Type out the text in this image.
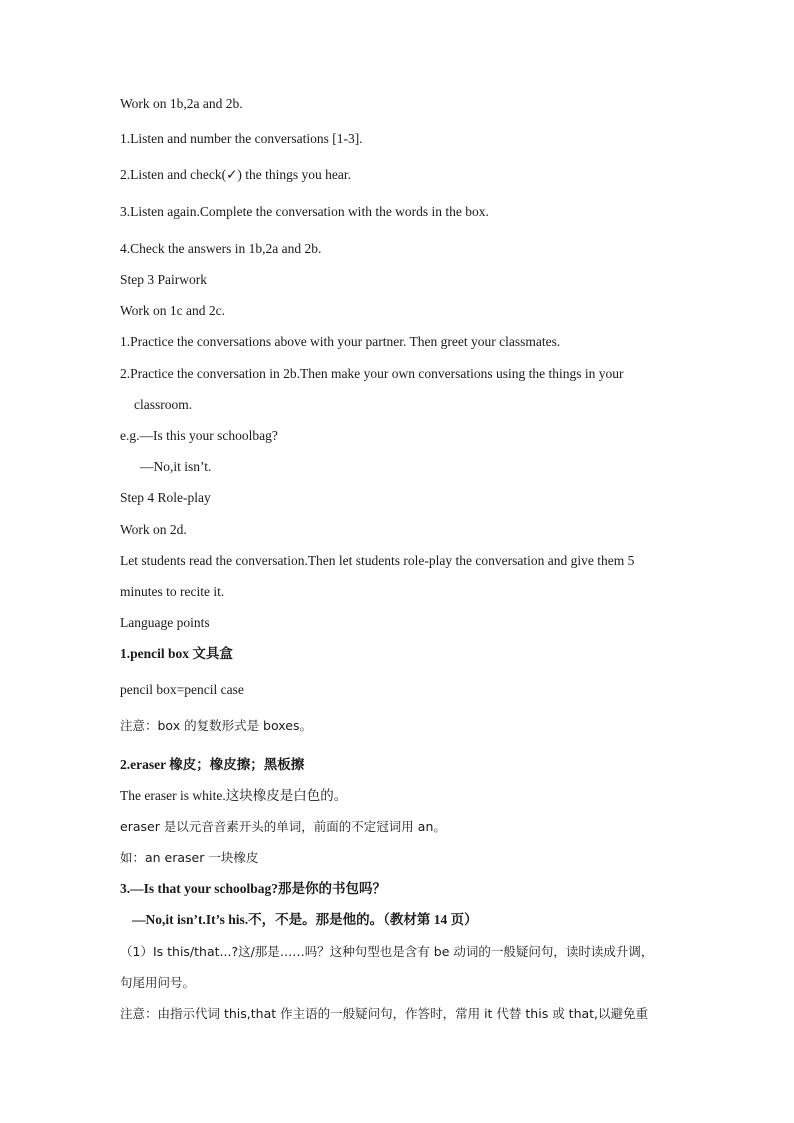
Work on 1b,2a and 2b.
1.Listen and number the conversations [1-3].
2.Listen and check(✓) the things you hear.
3.Listen again.Complete the conversation with the words in the box.
4.Check the answers in 1b,2a and 2b.
Step 3 Pairwork
Work on 1c and 2c.
1.Practice the conversations above with your partner. Then greet your classmates.
2.Practice the conversation in 2b.Then make your own conversations using the things in your
classroom.
e.g.—Is this your schoolbag?
—No,it isn’t.
Step 4 Role-play
Work on 2d.
Let students read the conversation.Then let students role-play the conversation and give them 5
minutes to recite it.
Language points
1.pencil box 文具盒
pencil box=pencil case
注意：box 的复数形式是 boxes。
2.eraser 橡皮；橡皮擦；黑板擦
The eraser is white.这块橡皮是白色的。
eraser 是以元音音素开头的单词，前面的不定冠词用 an。
如：an eraser 一块橡皮
3.—Is that your schoolbag?那是你的书包吗？
—No,it isn’t.It’s his.不，不是。那是他的。（教材第 14 页）
（1）Is this/that...?这/那是……吗？这种句型也是含有 be 动词的一般疑问句，读时读成升调，
句尾用问号。
注意：由指示代词 this,that 作主语的一般疑问句，作答时，常用 it 代替 this 或 that,以避免重
